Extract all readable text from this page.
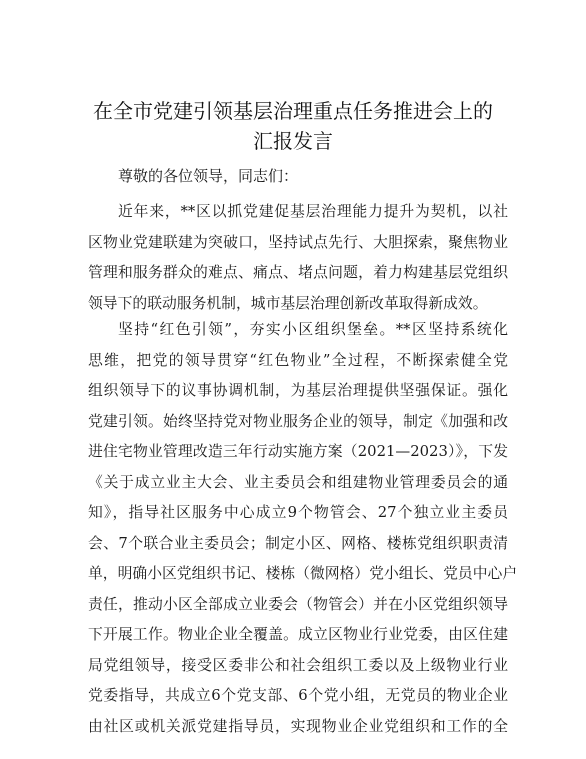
在全市党建引领基层治理重点任务推进会上的
汇报发言
尊敬的各位领导，同志们：
近年来，**区以抓党建促基层治理能力提升为契机，以社
区物业党建联建为突破口，坚持试点先行、大胆探索，聚焦物业
管理和服务群众的难点、痛点、堵点问题，着力构建基层党组织
领导下的联动服务机制，城市基层治理创新改革取得新成效。
坚持“红色引领”，夯实小区组织堡垒。**区坚持系统化
思维，把党的领导贯穿“红色物业”全过程，不断探索健全党
组织领导下的议事协调机制，为基层治理提供坚强保证。强化
党建引领。始终坚持党对物业服务企业的领导，制定《加强和改
进住宅物业管理改造三年行动实施方案（2021—2023）》，下发
《关于成立业主大会、业主委员会和组建物业管理委员会的通
知》，指导社区服务中心成立9个物管会、27个独立业主委员
会、7个联合业主委员会；制定小区、网格、楼栋党组织职责清
单，明确小区党组织书记、楼栋（微网格）党小组长、党员中心户
责任，推动小区全部成立业委会（物管会）并在小区党组织领导
下开展工作。物业企业全覆盖。成立区物业行业党委，由区住建
局党组领导，接受区委非公和社会组织工委以及上级物业行业
党委指导，共成立6个党支部、6个党小组，无党员的物业企业
由社区或机关派党建指导员，实现物业企业党组织和工作的全
